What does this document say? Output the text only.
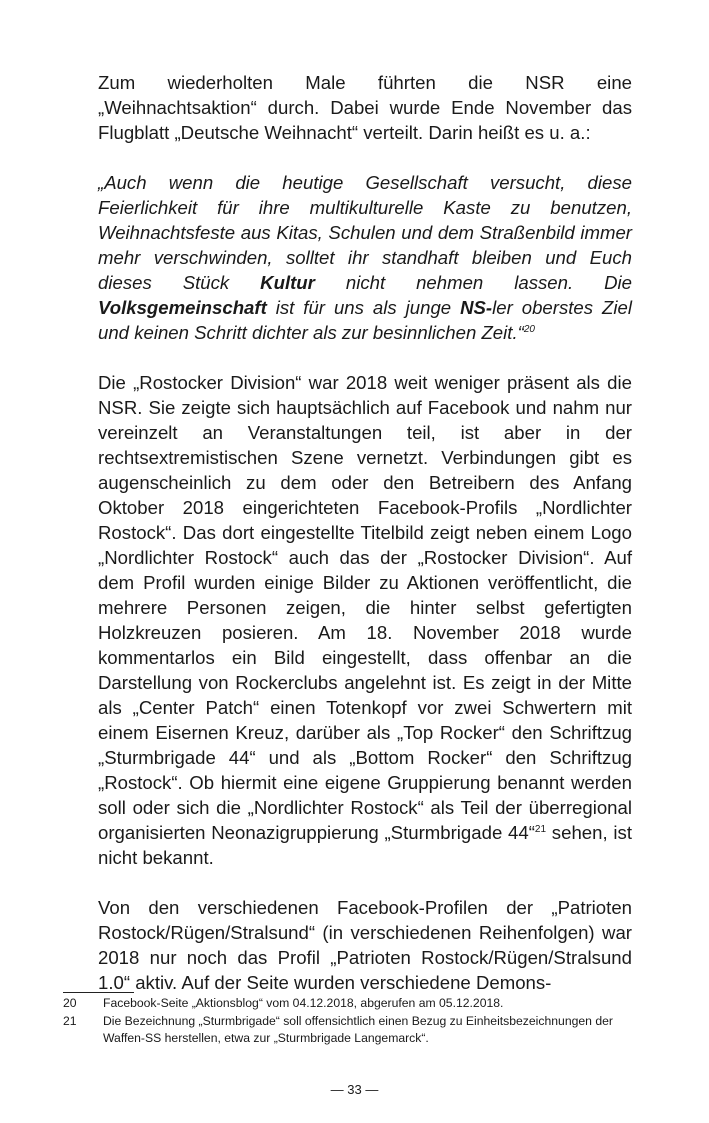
Zum wiederholten Male führten die NSR eine „Weihnachtsaktion“ durch. Dabei wurde Ende November das Flugblatt „Deutsche Weihnacht“ verteilt. Darin heißt es u. a.:

„Auch wenn die heutige Gesellschaft versucht, diese Feierlichkeit für ihre multikulturelle Kaste zu benutzen, Weihnachtsfeste aus Kitas, Schulen und dem Straßenbild immer mehr verschwinden, solltet ihr standhaft bleiben und Euch dieses Stück Kultur nicht nehmen lassen. Die Volksgemeinschaft ist für uns als junge NS-ler oberstes Ziel und keinen Schritt dichter als zur besinnlichen Zeit.“$^{20}$

Die „Rostocker Division“ war 2018 weit weniger präsent als die NSR. Sie zeigte sich hauptsächlich auf Facebook und nahm nur vereinzelt an Veranstaltungen teil, ist aber in der rechtsextremistischen Szene vernetzt. Verbindungen gibt es augenscheinlich zu dem oder den Betreibern des Anfang Oktober 2018 eingerichteten Facebook-Profils „Nordlichter Rostock“. Das dort eingestellte Titelbild zeigt neben einem Logo „Nordlichter Rostock“ auch das der „Rostocker Division“. Auf dem Profil wurden einige Bilder zu Aktionen veröffentlicht, die mehrere Personen zeigen, die hinter selbst gefertigten Holzkreuzen posieren. Am 18. November 2018 wurde kommentarlos ein Bild eingestellt, dass offenbar an die Darstellung von Rockerclubs angelehnt ist. Es zeigt in der Mitte als „Center Patch“ einen Totenkopf vor zwei Schwertern mit einem Eisernen Kreuz, darüber als „Top Rocker“ den Schriftzug „Sturmbrigade 44“ und als „Bottom Rocker“ den Schriftzug „Rostock“. Ob hiermit eine eigene Gruppierung benannt werden soll oder sich die „Nordlichter Rostock“ als Teil der überregional organisierten Neonazigruppierung „Sturmbrigade 44“$^{21}$ sehen, ist nicht bekannt.

Von den verschiedenen Facebook-Profilen der „Patrioten Rostock/Rügen/Stralsund“ (in verschiedenen Reihenfolgen) war 2018 nur noch das Profil „Patrioten Rostock/Rügen/Stralsund 1.0“ aktiv. Auf der Seite wurden verschiedene Demons-

20	Facebook-Seite „Aktionsblog“ vom 04.12.2018, abgerufen am 05.12.2018.
21	Die Bezeichnung „Sturmbrigade“ soll offensichtlich einen Bezug zu Einheitsbezeichnungen der Waffen-SS herstellen, etwa zur „Sturmbrigade Langemarck“.
— 33 —
